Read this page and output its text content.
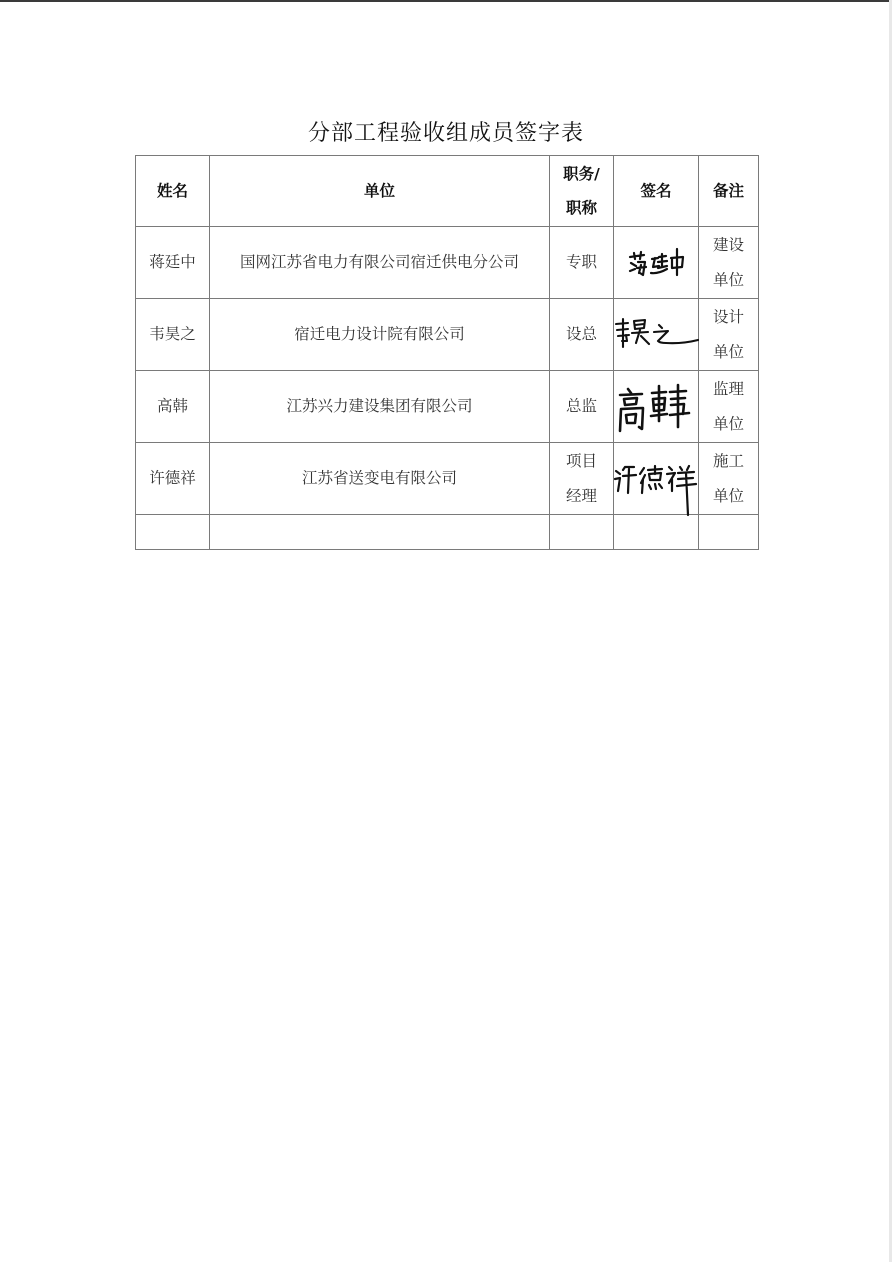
分部工程验收组成员签字表
姓名	单位	职务/职称	签名	备注
蒋廷中	国网江苏省电力有限公司宿迁供电分公司	专职		建设单位
韦昊之	宿迁电力设计院有限公司	设总		设计单位
高韩	江苏兴力建设集团有限公司	总监		监理单位
许德祥	江苏省送变电有限公司	项目经理		施工单位
